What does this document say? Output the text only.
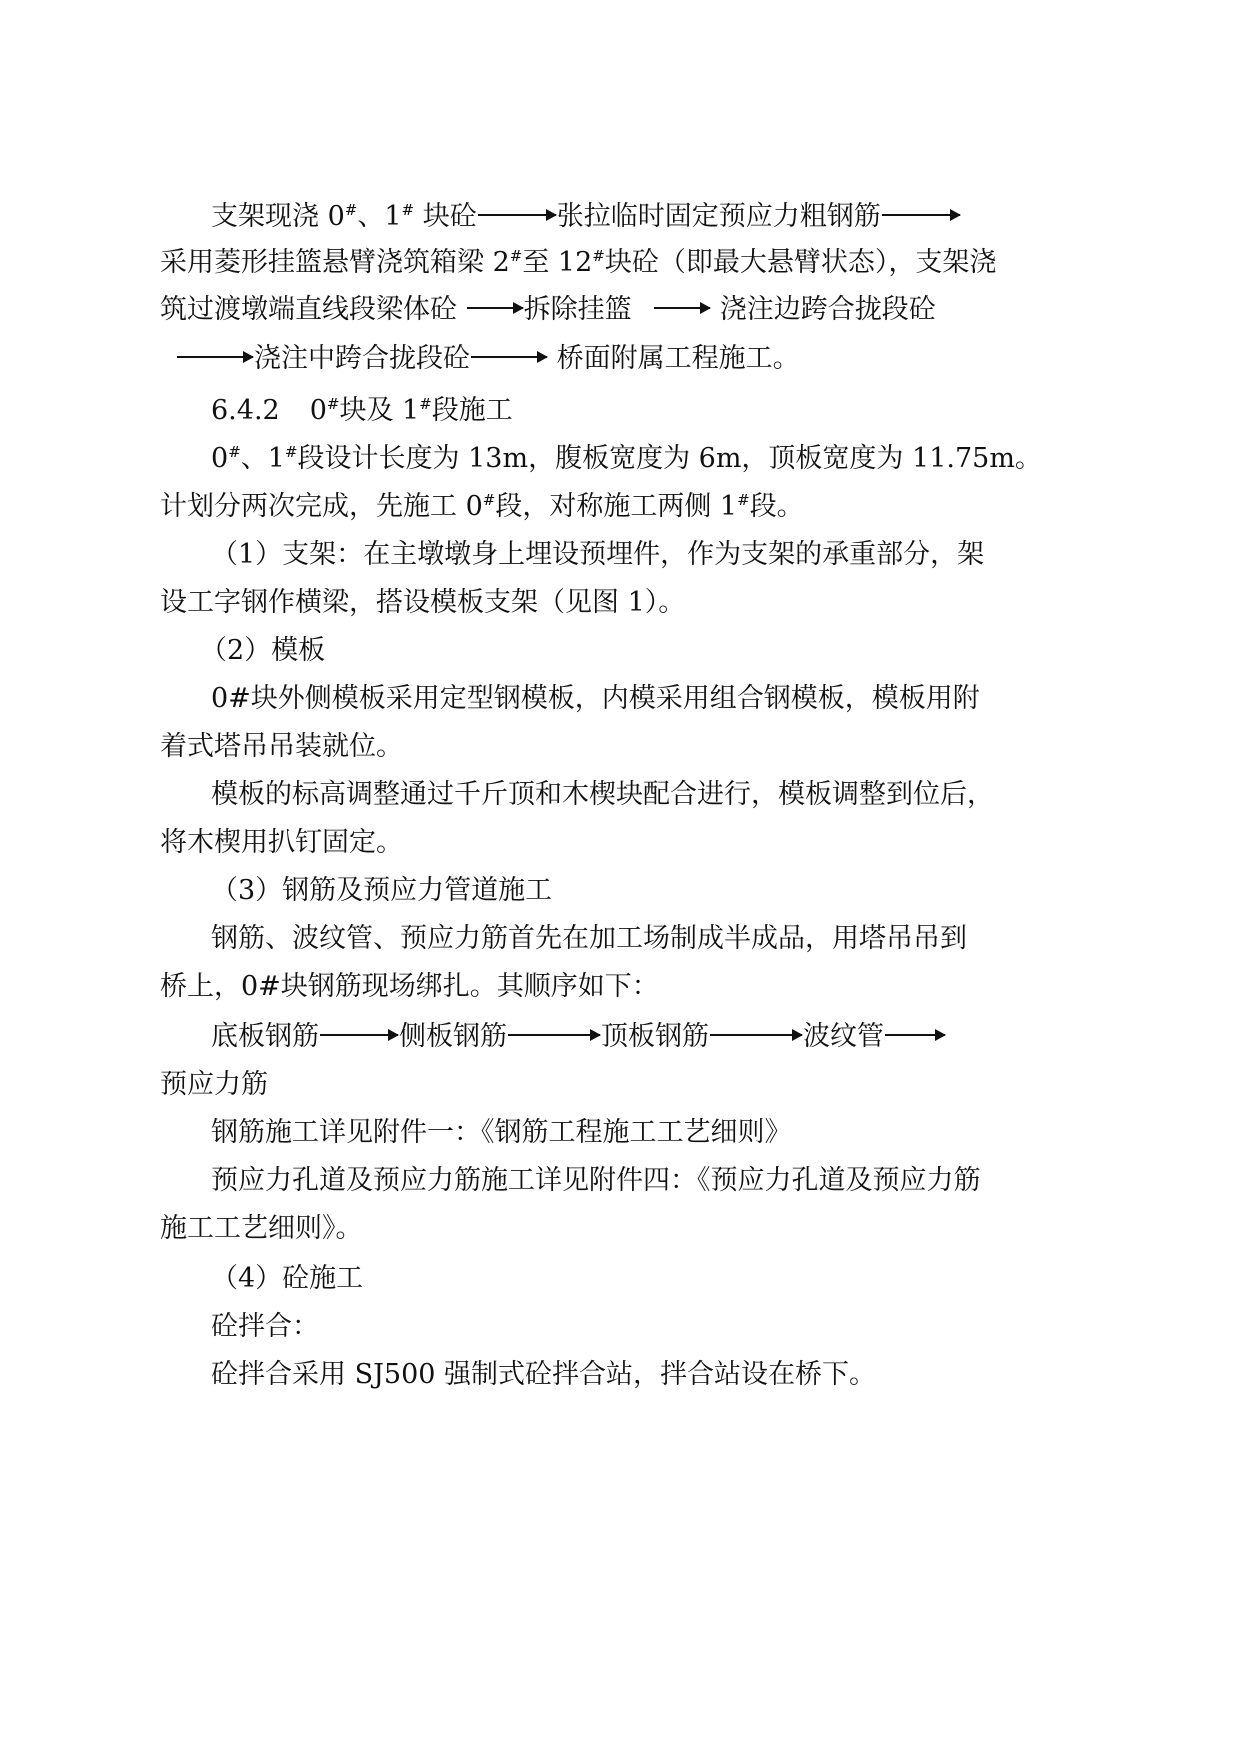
支架现浇 0#、1# 块砼	张拉临时固定预应力粗钢筋
采用菱形挂篮悬臂浇筑箱梁 2#至 12#块砼（即最大悬臂状态），支架浇
筑过渡墩端直线段梁体砼 拆除挂篮	浇注边跨合拢段砼
浇注中跨合拢段砼	桥面附属工程施工。
6.4.2 0#块及 1#段施工
0#、1#段设计长度为 13m，腹板宽度为 6m，顶板宽度为 11.75m。
计划分两次完成，先施工 0#段，对称施工两侧 1#段。
（1）支架：在主墩墩身上埋设预埋件，作为支架的承重部分，架
设工字钢作横梁，搭设模板支架（见图 1）。
（2）模板
0#块外侧模板采用定型钢模板，内模采用组合钢模板，模板用附
着式塔吊吊装就位。
模板的标高调整通过千斤顶和木楔块配合进行，模板调整到位后，
将木楔用扒钉固定。
（3）钢筋及预应力管道施工
钢筋、波纹管、预应力筋首先在加工场制成半成品，用塔吊吊到
桥上，0#块钢筋现场绑扎。其顺序如下：
底板钢筋	侧板钢筋	顶板钢筋	波纹管
预应力筋
钢筋施工详见附件一：《钢筋工程施工工艺细则》
预应力孔道及预应力筋施工详见附件四：《预应力孔道及预应力筋
施工工艺细则》。
（4）砼施工
砼拌合：
砼拌合采用 SJ500 强制式砼拌合站，拌合站设在桥下。
